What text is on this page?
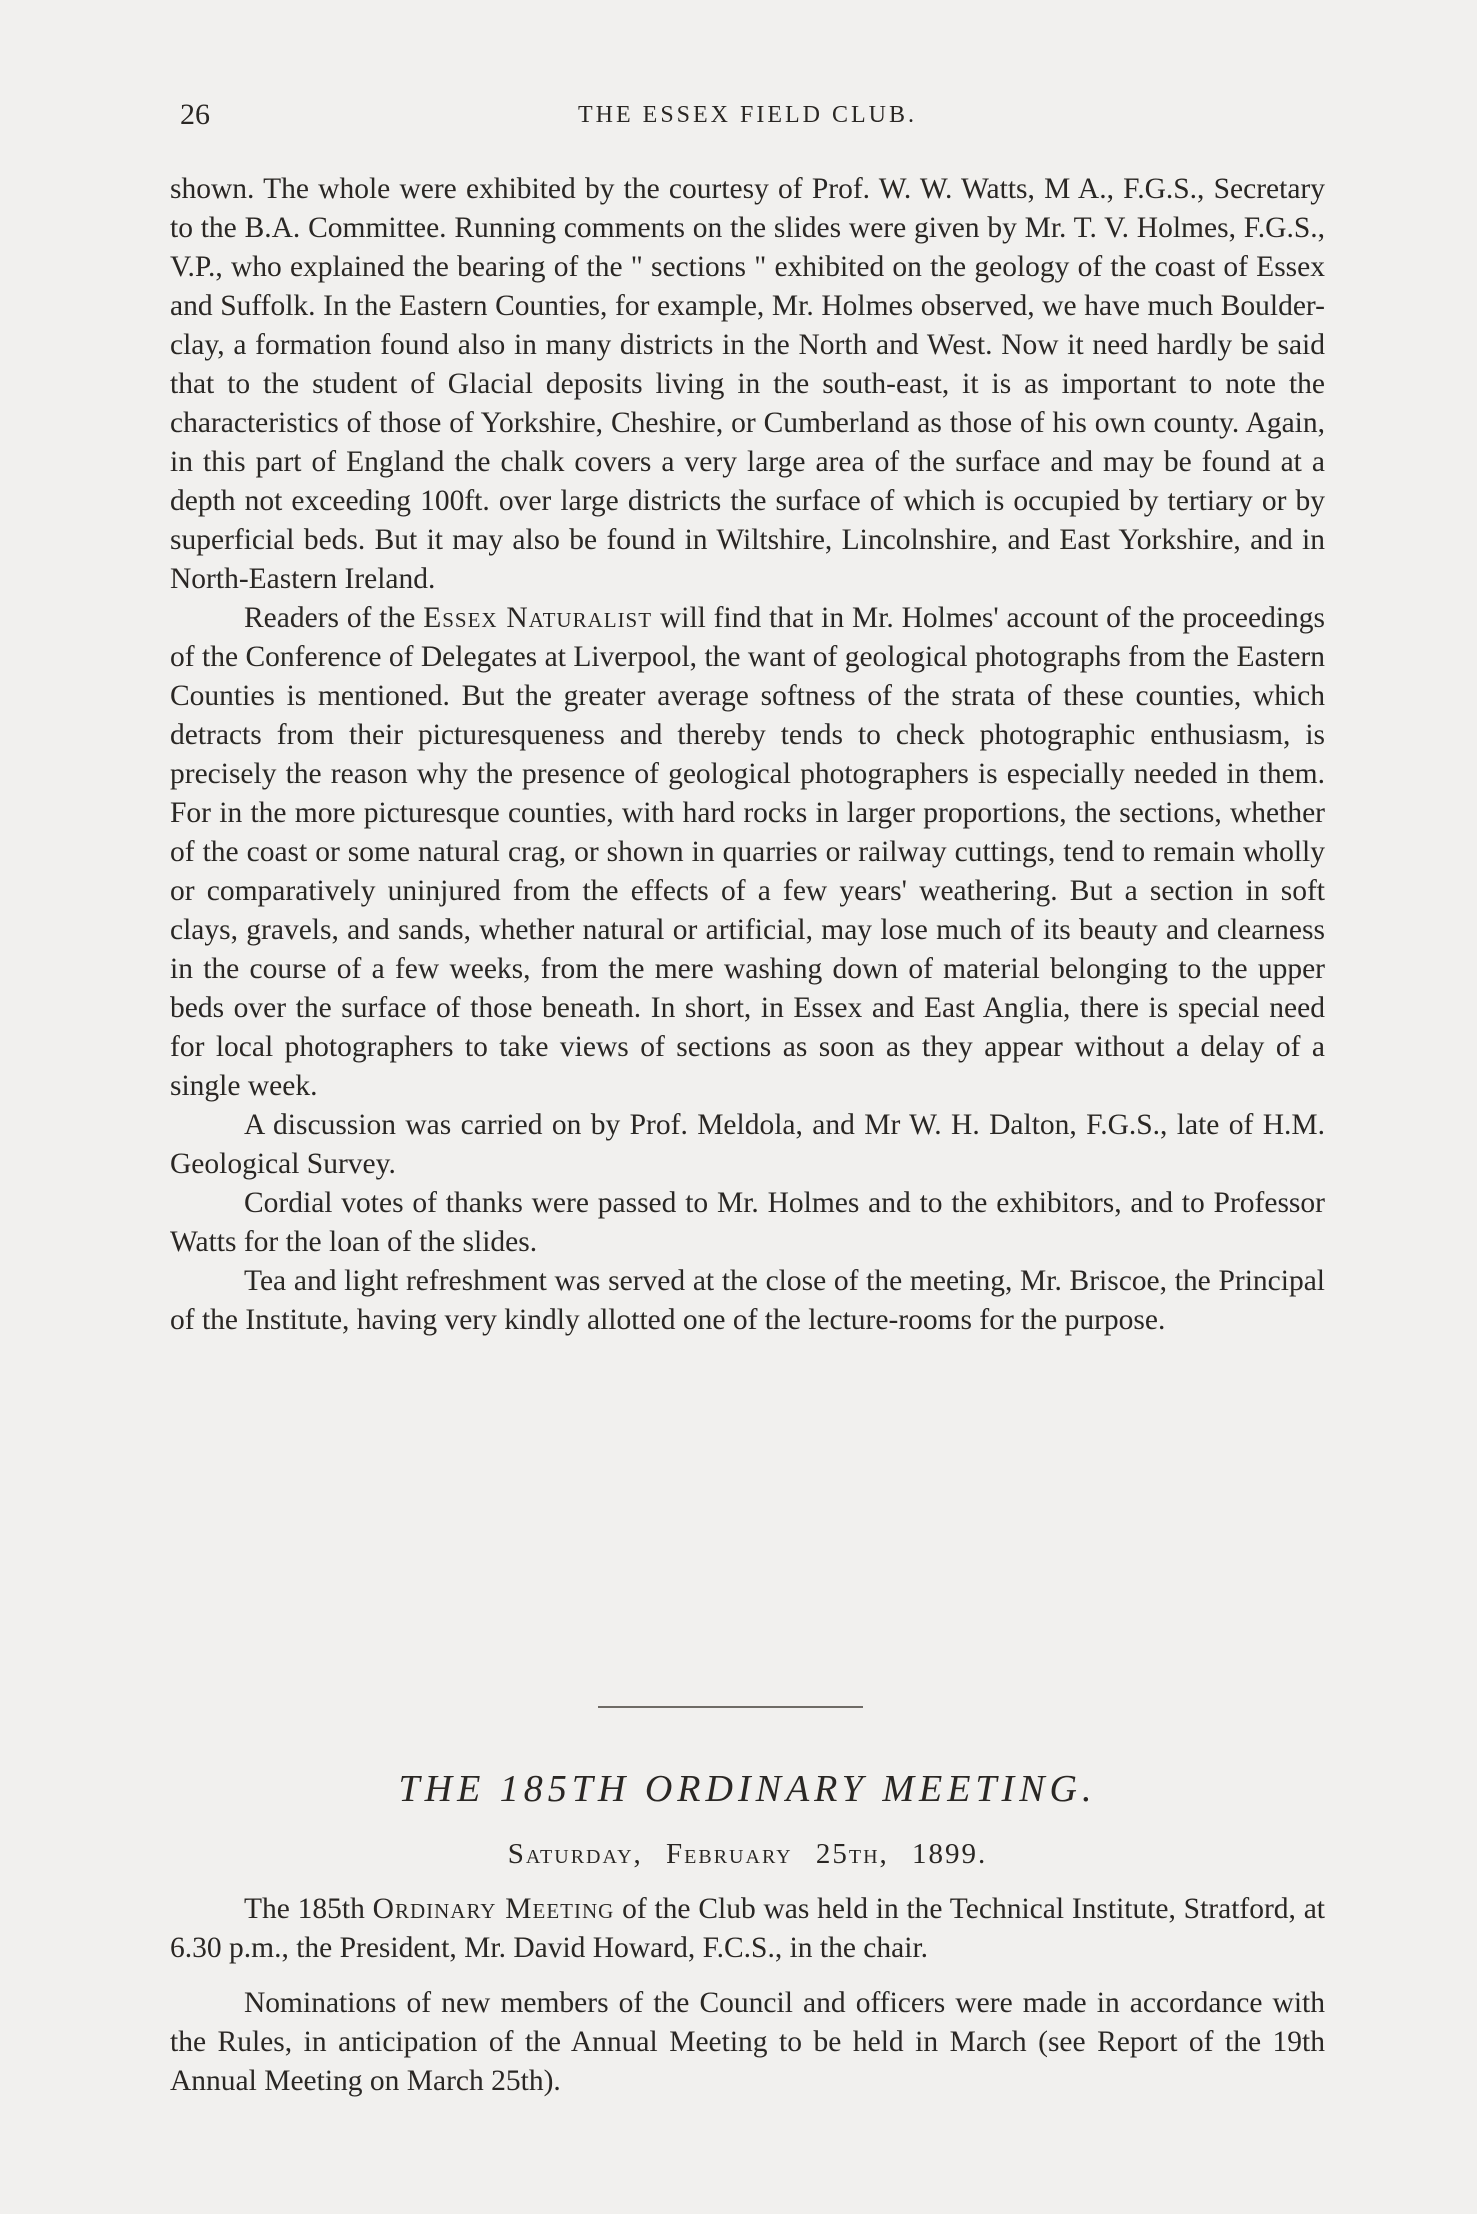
26	THE ESSEX FIELD CLUB.

shown. The whole were exhibited by the courtesy of Prof. W. W. Watts, M A., F.G.S., Secretary to the B.A. Committee. Running comments on the slides were given by Mr. T. V. Holmes, F.G.S., V.P., who explained the bearing of the " sections " exhibited on the geology of the coast of Essex and Suffolk. In the Eastern Counties, for example, Mr. Holmes observed, we have much Boulder-clay, a formation found also in many districts in the North and West. Now it need hardly be said that to the student of Glacial deposits living in the south-east, it is as important to note the characteristics of those of Yorkshire, Cheshire, or Cumberland as those of his own county. Again, in this part of England the chalk covers a very large area of the surface and may be found at a depth not exceeding 100ft. over large districts the surface of which is occupied by tertiary or by superficial beds. But it may also be found in Wiltshire, Lincolnshire, and East Yorkshire, and in North-Eastern Ireland.

Readers of the Essex Naturalist will find that in Mr. Holmes' account of the proceedings of the Conference of Delegates at Liverpool, the want of geological photographs from the Eastern Counties is mentioned. But the greater average softness of the strata of these counties, which detracts from their picturesqueness and thereby tends to check photographic enthusiasm, is precisely the reason why the presence of geological photographers is especially needed in them. For in the more picturesque counties, with hard rocks in larger proportions, the sections, whether of the coast or some natural crag, or shown in quarries or railway cuttings, tend to remain wholly or comparatively uninjured from the effects of a few years' weathering. But a section in soft clays, gravels, and sands, whether natural or artificial, may lose much of its beauty and clearness in the course of a few weeks, from the mere washing down of material belonging to the upper beds over the surface of those beneath. In short, in Essex and East Anglia, there is special need for local photographers to take views of sections as soon as they appear without a delay of a single week.

A discussion was carried on by Prof. Meldola, and Mr W. H. Dalton, F.G.S., late of H.M. Geological Survey.

Cordial votes of thanks were passed to Mr. Holmes and to the exhibitors, and to Professor Watts for the loan of the slides.

Tea and light refreshment was served at the close of the meeting, Mr. Briscoe, the Principal of the Institute, having very kindly allotted one of the lecture-rooms for the purpose.

THE 185TH ORDINARY MEETING.
Saturday, February 25th, 1899.

The 185th Ordinary Meeting of the Club was held in the Technical Institute, Stratford, at 6.30 p.m., the President, Mr. David Howard, F.C.S., in the chair.

Nominations of new members of the Council and officers were made in accordance with the Rules, in anticipation of the Annual Meeting to be held in March (see Report of the 19th Annual Meeting on March 25th).
